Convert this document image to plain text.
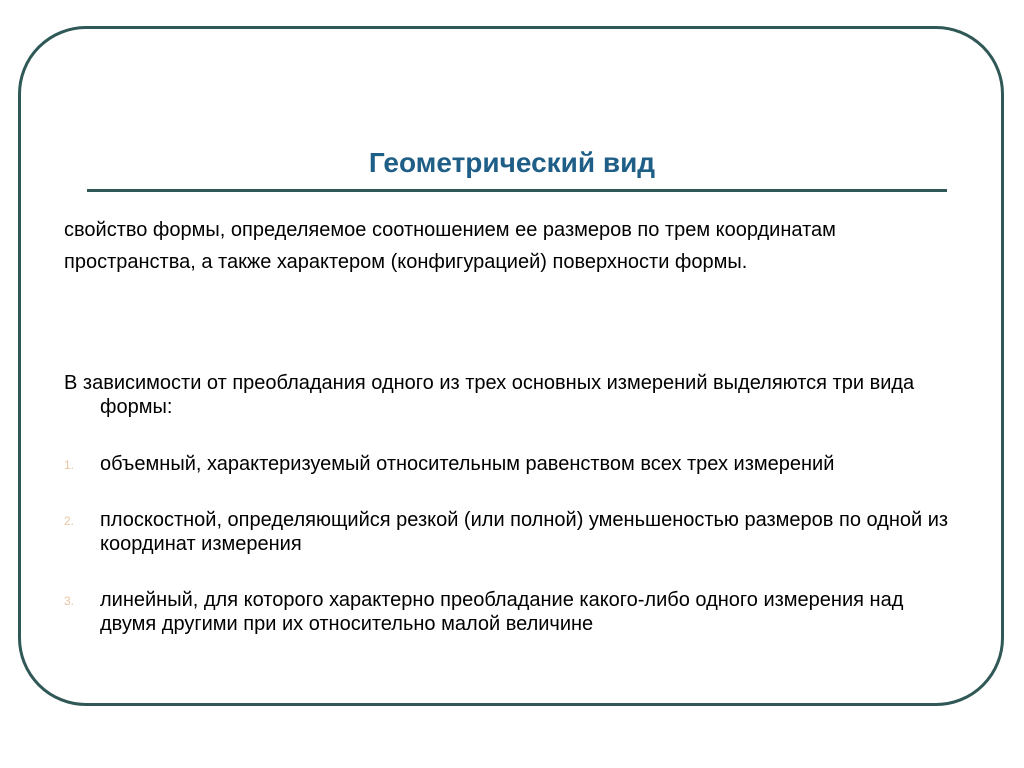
Геометрический вид

свойство формы, определяемое соотношением ее размеров по трем координатам пространства, а также характером (конфигурацией) поверхности формы.

В зависимости от преобладания одного из трех основных измерений выделяются три вида формы:

1. объемный, характеризуемый относительным равенством всех трех измерений
2. плоскостной, определяющийся резкой (или полной) уменьшеностью размеров по одной из координат измерения
3. линейный, для которого характерно преобладание какого-либо одного измерения над двумя другими при их относительно малой величине
